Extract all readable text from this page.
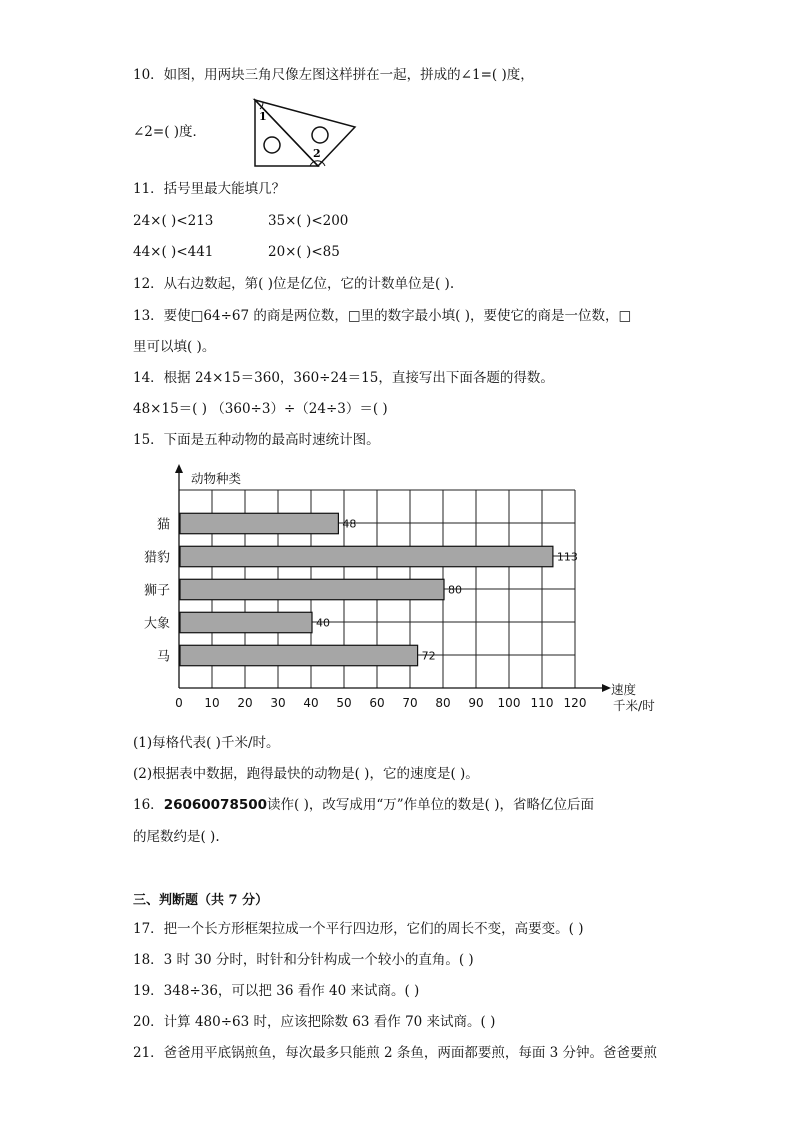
10．如图，用两块三角尺像左图这样拼在一起，拼成的∠1=( )度，
1
2
∠2=( )度．
11．括号里最大能填几？
24×( )<213	35×( )<200
44×( )<441	20×( )<85
12．从右边数起，第( )位是亿位，它的计数单位是( ).
13．要使□64÷67 的商是两位数，□里的数字最小填( )，要使它的商是一位数，□
里可以填( )。
14．根据 24×15＝360，360÷24＝15，直接写出下面各题的得数。
48×15＝( ) （360÷3）÷（24÷3）＝( )
15．下面是五种动物的最高时速统计图。
48
猫
113
猎豹
80
狮子
40
大象
72
马
0 10 20 30 40 50 60 70 80 90 100 110 120
动物种类
速度
千米/时
(1)每格代表( )千米/时。
(2)根据表中数据，跑得最快的动物是( )，它的速度是( )。
16．26060078500读作( )，改写成用“万”作单位的数是( )，省略亿位后面
的尾数约是( ).
三、判断题（共 7 分）
17．把一个长方形框架拉成一个平行四边形，它们的周长不变，高要变。( )
18．3 时 30 分时，时针和分针构成一个较小的直角。( )
19．348÷36，可以把 36 看作 40 来试商。( )
20．计算 480÷63 时，应该把除数 63 看作 70 来试商。( )
21．爸爸用平底锅煎鱼，每次最多只能煎 2 条鱼，两面都要煎，每面 3 分钟。爸爸要煎
